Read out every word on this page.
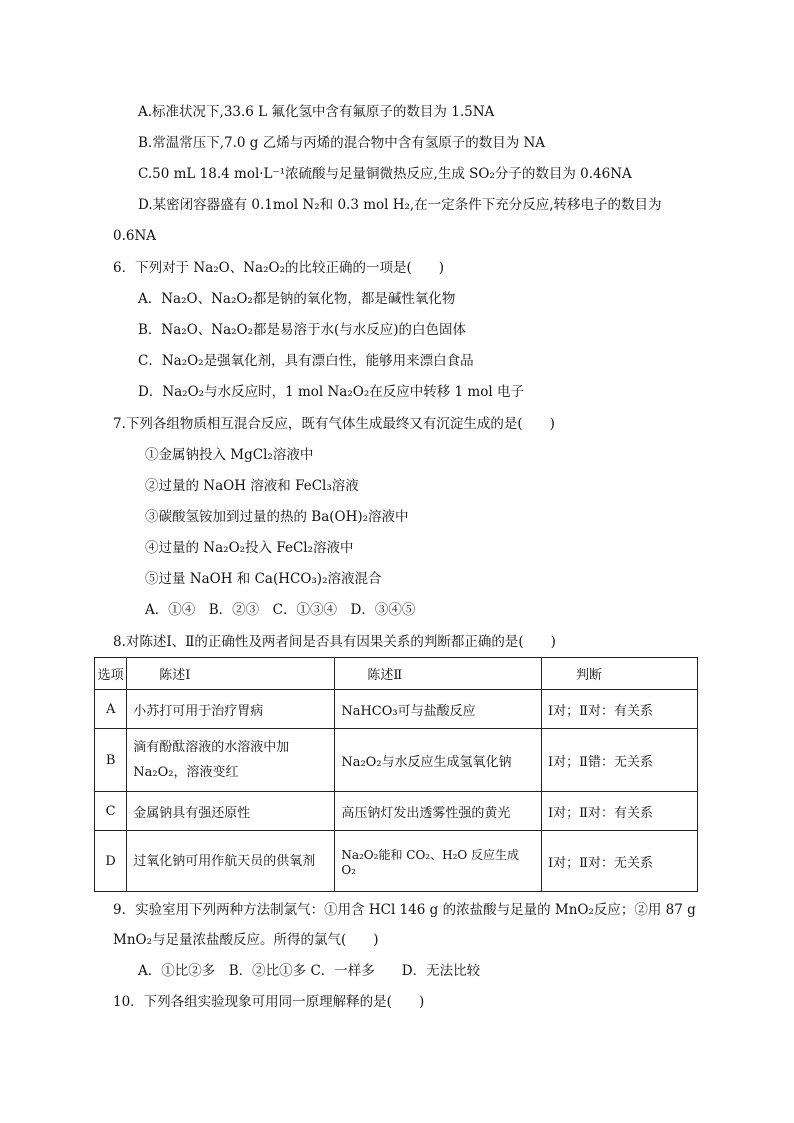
A.标准状况下,33.6 L 氟化氢中含有氟原子的数目为 1.5NA
B.常温常压下,7.0 g 乙烯与丙烯的混合物中含有氢原子的数目为 NA
C.50 mL 18.4 mol·L⁻¹浓硫酸与足量铜微热反应,生成 SO₂分子的数目为 0.46NA
D.某密闭容器盛有 0.1mol N₂和 0.3 mol H₂,在一定条件下充分反应,转移电子的数目为
0.6NA
6．下列对于 Na₂O、Na₂O₂的比较正确的一项是(　　)
A．Na₂O、Na₂O₂都是钠的氧化物，都是碱性氧化物
B．Na₂O、Na₂O₂都是易溶于水(与水反应)的白色固体
C．Na₂O₂是强氧化剂，具有漂白性，能够用来漂白食品
D．Na₂O₂与水反应时，1 mol Na₂O₂在反应中转移 1 mol 电子
7.下列各组物质相互混合反应，既有气体生成最终又有沉淀生成的是(　　)
①金属钠投入 MgCl₂溶液中
②过量的 NaOH 溶液和 FeCl₃溶液
③碳酸氢铵加到过量的热的 Ba(OH)₂溶液中
④过量的 Na₂O₂投入 FeCl₂溶液中
⑤过量 NaOH 和 Ca(HCO₃)₂溶液混合
A．①④　B．②③　C．①③④　D．③④⑤
8.对陈述Ⅰ、Ⅱ的正确性及两者间是否具有因果关系的判断都正确的是(　　)
选项	陈述Ⅰ	陈述Ⅱ	判断
A	小苏打可用于治疗胃病	NaHCO₃可与盐酸反应	Ⅰ对；Ⅱ对：有关系
B	滴有酚酞溶液的水溶液中加 Na₂O₂，溶液变红	Na₂O₂与水反应生成氢氧化钠	Ⅰ对；Ⅱ错：无关系
C	金属钠具有强还原性	高压钠灯发出透雾性强的黄光	Ⅰ对；Ⅱ对：有关系
D	过氧化钠可用作航天员的供氧剂	Na₂O₂能和 CO₂、H₂O 反应生成 O₂	Ⅰ对；Ⅱ对：无关系
9．实验室用下列两种方法制氯气：①用含 HCl 146 g 的浓盐酸与足量的 MnO₂反应；②用 87 g
MnO₂与足量浓盐酸反应。所得的氯气(　　)
A．①比②多　B．②比①多 C．一样多　　D．无法比较
10．下列各组实验现象可用同一原理解释的是(　　)
